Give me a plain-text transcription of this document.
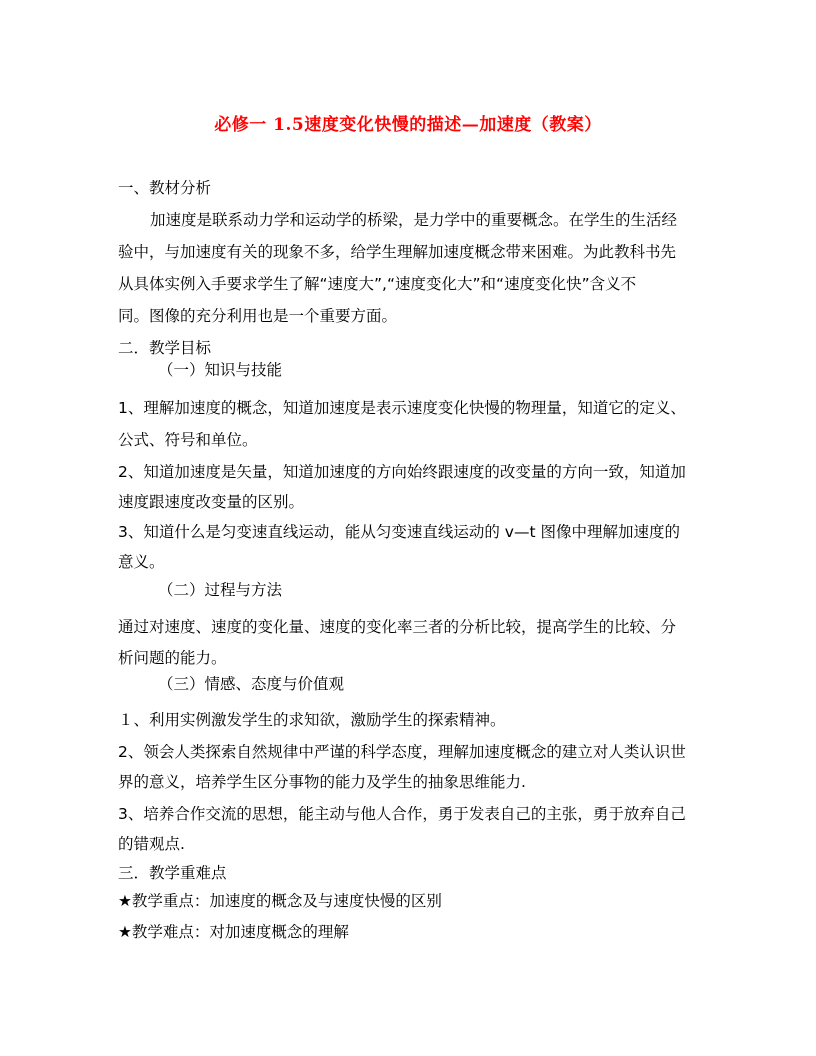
必修一 1.5速度变化快慢的描述—加速度（教案）
一、教材分析
加速度是联系动力学和运动学的桥梁，是力学中的重要概念。在学生的生活经
验中，与加速度有关的现象不多，给学生理解加速度概念带来困难。为此教科书先
从具体实例入手要求学生了解“速度大”,“速度变化大”和“速度变化快”含义不
同。图像的充分利用也是一个重要方面。
二．教学目标
（一）知识与技能
1、理解加速度的概念，知道加速度是表示速度变化快慢的物理量，知道它的定义、
公式、符号和单位。
2、知道加速度是矢量，知道加速度的方向始终跟速度的改变量的方向一致，知道加
速度跟速度改变量的区别。
3、知道什么是匀变速直线运动，能从匀变速直线运动的 v—t 图像中理解加速度的
意义。
（二）过程与方法
通过对速度、速度的变化量、速度的变化率三者的分析比较，提高学生的比较、分
析问题的能力。
（三）情感、态度与价值观
１、利用实例激发学生的求知欲，激励学生的探索精神。
2、领会人类探索自然规律中严谨的科学态度，理解加速度概念的建立对人类认识世
界的意义，培养学生区分事物的能力及学生的抽象思维能力.
3、培养合作交流的思想，能主动与他人合作，勇于发表自己的主张，勇于放弃自己
的错观点.
三．教学重难点
★教学重点：加速度的概念及与速度快慢的区别
★教学难点：对加速度概念的理解
